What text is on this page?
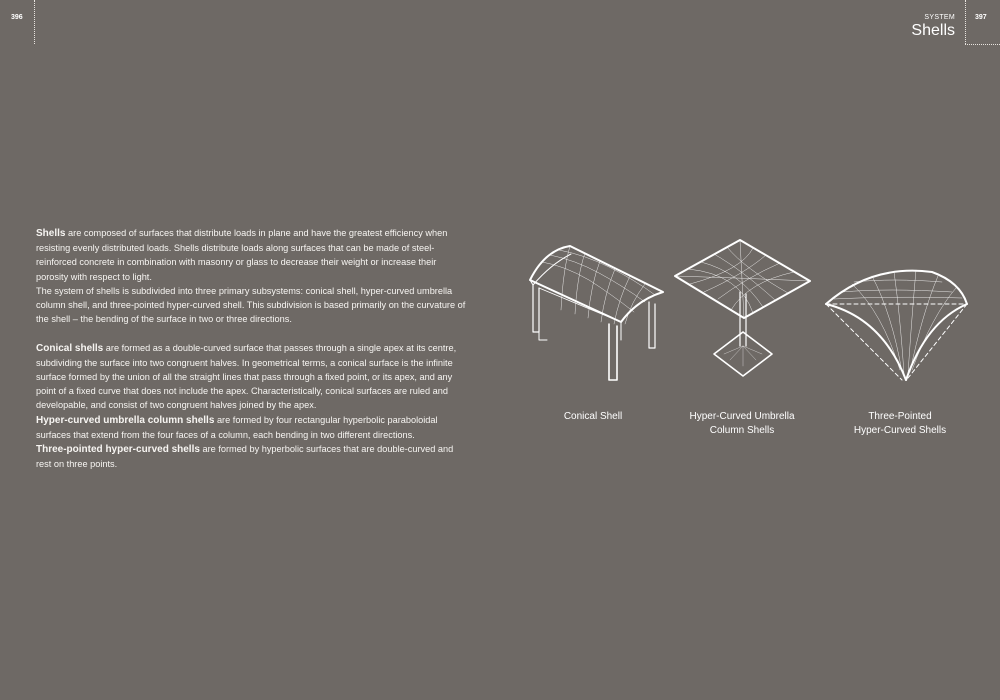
396	SYSTEM
Shells
397

Shells are composed of surfaces that distribute loads in plane and have the greatest efficiency when resisting evenly distributed loads. Shells distribute loads along surfaces that can be made of steel-reinforced concrete in combination with masonry or glass to decrease their weight or increase their porosity with respect to light.

The system of shells is subdivided into three primary subsystems: conical shell, hyper-curved umbrella column shell, and three-pointed hyper-curved shell. This subdivision is based primarily on the curvature of the shell – the bending of the surface in two or three directions.

Conical shells are formed as a double-curved surface that passes through a single apex at its centre, subdividing the surface into two congruent halves. In geometrical terms, a conical surface is the infinite surface formed by the union of all the straight lines that pass through a fixed point, or its apex, and any point of a fixed curve that does not include the apex. Characteristically, conical surfaces are ruled and developable, and consist of two congruent halves joined by the apex.

Hyper-curved umbrella column shells are formed by four rectangular hyperbolic paraboloidal surfaces that extend from the four faces of a column, each bending in two different directions.

Three-pointed hyper-curved shells are formed by hyperbolic surfaces that are double-curved and rest on three points.

Conical Shell	Hyper-Curved Umbrella
Column Shells
Three-Pointed
Hyper-Curved Shells
